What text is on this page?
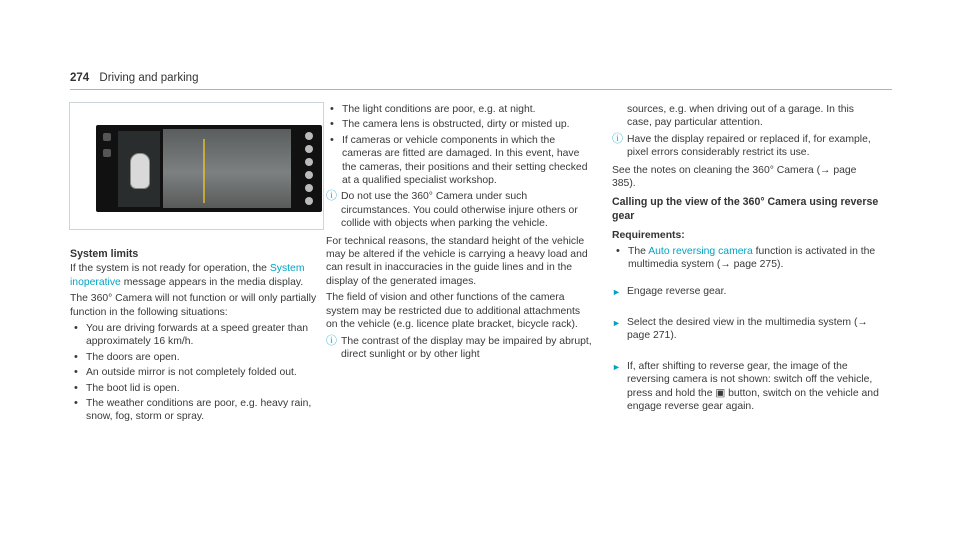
274 Driving and parking
System limits

If the system is not ready for operation, the System inoperative message appears in the media display.

The 360° Camera will not function or will only partially function in the following situations:

• You are driving forwards at a speed greater than approximately 16 km/h.
• The doors are open.
• An outside mirror is not completely folded out.
• The boot lid is open.
• The weather conditions are poor, e.g. heavy rain, snow, fog, storm or spray.
• The light conditions are poor, e.g. at night.
• The camera lens is obstructed, dirty or misted up.
• If cameras or vehicle components in which the cameras are fitted are damaged. In this event, have the cameras, their positions and their setting checked at a qualified specialist workshop.
ⓘ Do not use the 360° Camera under such circumstances. You could otherwise injure others or collide with objects when parking the vehicle.

For technical reasons, the standard height of the vehicle may be altered if the vehicle is carrying a heavy load and can result in inaccuracies in the guide lines and in the display of the generated images.

The field of vision and other functions of the camera system may be restricted due to additional attachments on the vehicle (e.g. licence plate bracket, bicycle rack).

ⓘ The contrast of the display may be impaired by abrupt, direct sunlight or by other light

sources, e.g. when driving out of a garage. In this case, pay particular attention.

ⓘ Have the display repaired or replaced if, for example, pixel errors considerably restrict its use.

See the notes on cleaning the 360° Camera (→ page 385).

Calling up the view of the 360° Camera using reverse gear
Requirements:
• The Auto reversing camera function is activated in the multimedia system (→ page 275).
► Engage reverse gear.
► Select the desired view in the multimedia system (→ page 271).
► If, after shifting to reverse gear, the image of the reversing camera is not shown: switch off the vehicle, press and hold the ▣ button, switch on the vehicle and engage reverse gear again.
